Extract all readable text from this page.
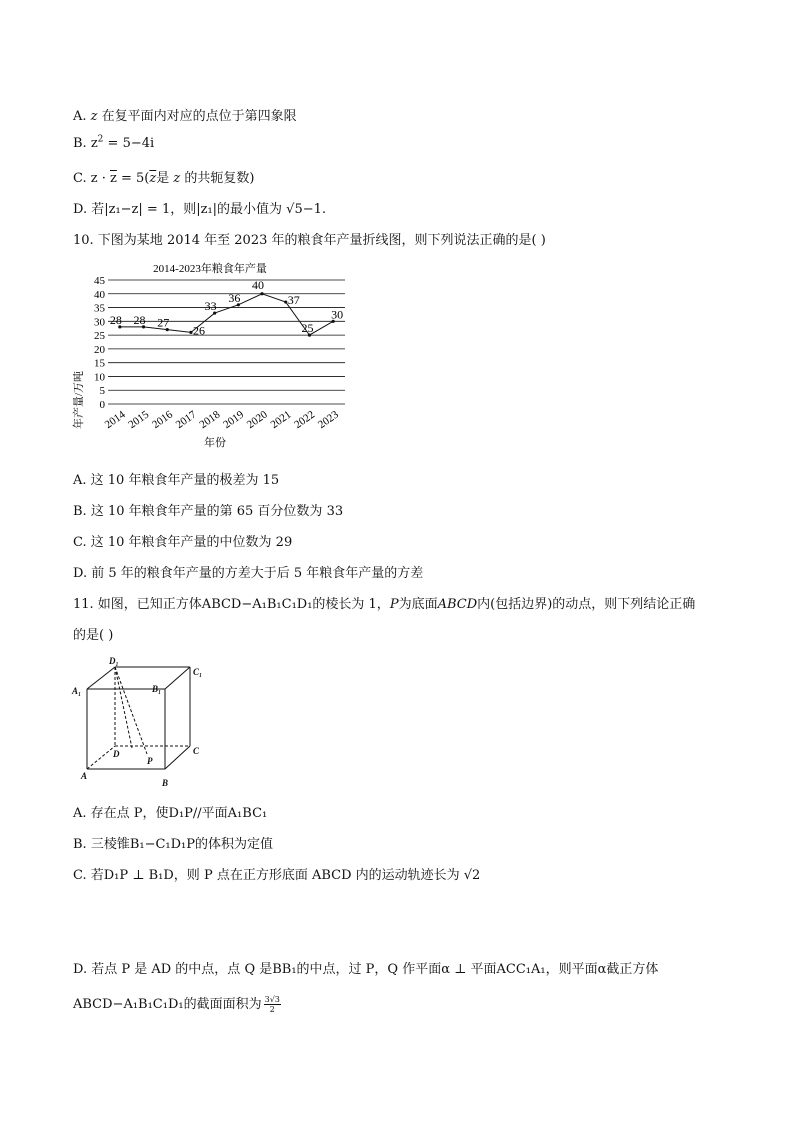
A. z 在复平面内对应的点位于第四象限
B. $z^2 = 5-4i$
C. $z \cdot \overline{z} = 5(\overline{z}$是 z 的共轭复数)
D. 若|z₁−z| = 1，则|z₁|的最小值为 √5−1.
10. 下图为某地 2014 年至 2023 年的粮食年产量折线图，则下列说法正确的是( )
0
5
10
15
20
25
30
35
40
45
2014
2015
2016
2017
2018
2019
2020
2021
2022
2023
28 28 27
26
33
36
40
37
25
30
2014-2023年粮食年产量
年产量/万吨
年份
A. 这 10 年粮食年产量的极差为 15
B. 这 10 年粮食年产量的第 65 百分位数为 33
C. 这 10 年粮食年产量的中位数为 29
D. 前 5 年的粮食年产量的方差大于后 5 年粮食年产量的方差
11. 如图，已知正方体ABCD−A₁B₁C₁D₁的棱长为 1，P为底面ABCD内(包括边界)的动点，则下列结论正确
的是( )
D₁
C₁
A₁	B₁
D	C
A
B
P
A. 存在点 P，使D₁P//平面A₁BC₁
B. 三棱锥B₁−C₁D₁P的体积为定值
C. 若D₁P ⊥ B₁D，则 P 点在正方形底面 ABCD 内的运动轨迹长为 √2
D. 若点 P 是 AD 的中点，点 Q 是BB₁的中点，过 P，Q 作平面α ⊥ 平面ACC₁A₁，则平面α截正方体
ABCD−A₁B₁C₁D₁的截面面积为 $\frac{3√3}{2}$
